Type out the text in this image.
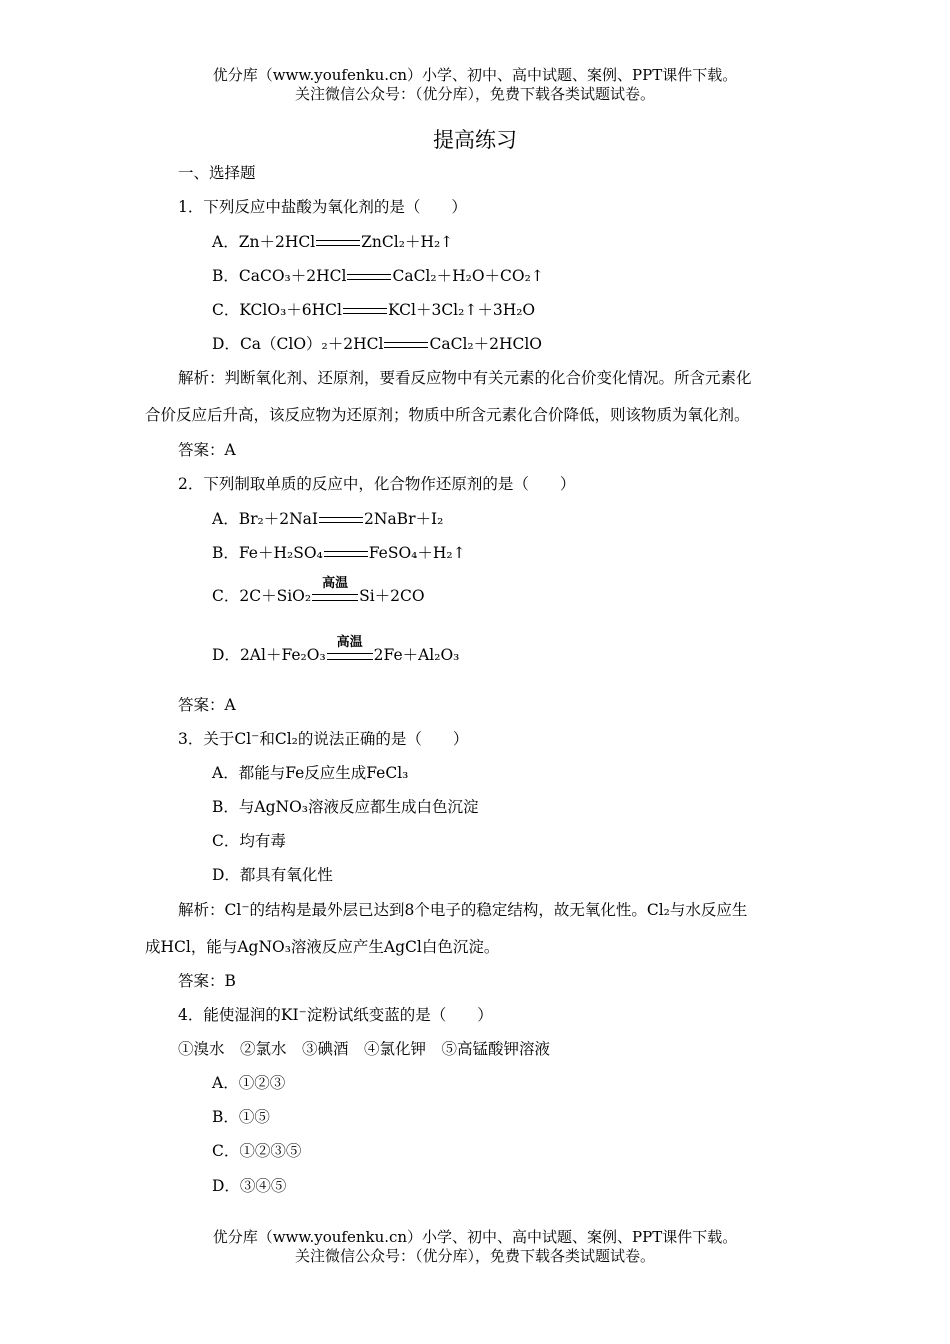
优分库（www.youfenku.cn）小学、初中、高中试题、案例、PPT课件下载。
关注微信公众号：（优分库），免费下载各类试题试卷。
提高练习
一、选择题
1．下列反应中盐酸为氧化剂的是（　　）
A．Zn＋2HCl	ZnCl₂＋H₂↑
B．CaCO₃＋2HCl	CaCl₂＋H₂O＋CO₂↑
C．KClO₃＋6HCl	KCl＋3Cl₂↑＋3H₂O
D．Ca（ClO）₂＋2HCl	CaCl₂＋2HClO
解析：判断氧化剂、还原剂，要看反应物中有关元素的化合价变化情况。所含元素化
合价反应后升高，该反应物为还原剂；物质中所含元素化合价降低，则该物质为氧化剂。
答案：A
2．下列制取单质的反应中，化合物作还原剂的是（　　）
A．Br₂＋2NaI	2NaBr＋I₂
B．Fe＋H₂SO₄	FeSO₄＋H₂↑
C．2C＋SiO₂
高温
Si＋2CO
D．2Al＋Fe₂O₃
高温
2Fe＋Al₂O₃
答案：A
3．关于Cl⁻和Cl₂的说法正确的是（　　）
A．都能与Fe反应生成FeCl₃
B．与AgNO₃溶液反应都生成白色沉淀
C．均有毒
D．都具有氧化性
解析：Cl⁻的结构是最外层已达到8个电子的稳定结构，故无氧化性。Cl₂与水反应生
成HCl，能与AgNO₃溶液反应产生AgCl白色沉淀。
答案：B
4．能使湿润的KI⁻淀粉试纸变蓝的是（　　）
①溴水　②氯水　③碘酒　④氯化钾　⑤高锰酸钾溶液
A．①②③
B．①⑤
C．①②③⑤
D．③④⑤
优分库（www.youfenku.cn）小学、初中、高中试题、案例、PPT课件下载。
关注微信公众号：（优分库），免费下载各类试题试卷。
